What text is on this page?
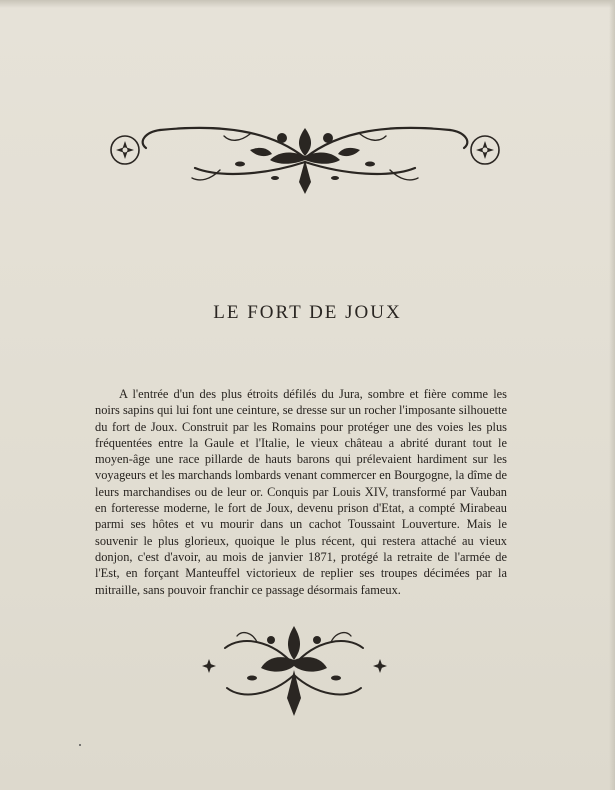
LE FORT DE JOUX

A l'entrée d'un des plus étroits défilés du Jura, sombre et fière comme les noirs sapins qui lui font une ceinture, se dresse sur un rocher l'imposante silhouette du fort de Joux. Construit par les Romains pour protéger une des voies les plus fréquentées entre la Gaule et l'Italie, le vieux château a abrité durant tout le moyen-âge une race pillarde de hauts barons qui prélevaient hardiment sur les voyageurs et les marchands lombards venant commercer en Bourgogne, la dîme de leurs marchandises ou de leur or. Conquis par Louis XIV, transformé par Vauban en forteresse moderne, le fort de Joux, devenu prison d'Etat, a compté Mirabeau parmi ses hôtes et vu mourir dans un cachot Toussaint Louverture. Mais le souvenir le plus glorieux, quoique le plus récent, qui restera attaché au vieux donjon, c'est d'avoir, au mois de janvier 1871, protégé la retraite de l'armée de l'Est, en forçant Manteuffel victorieux de replier ses troupes décimées par la mitraille, sans pouvoir franchir ce passage désormais fameux.
